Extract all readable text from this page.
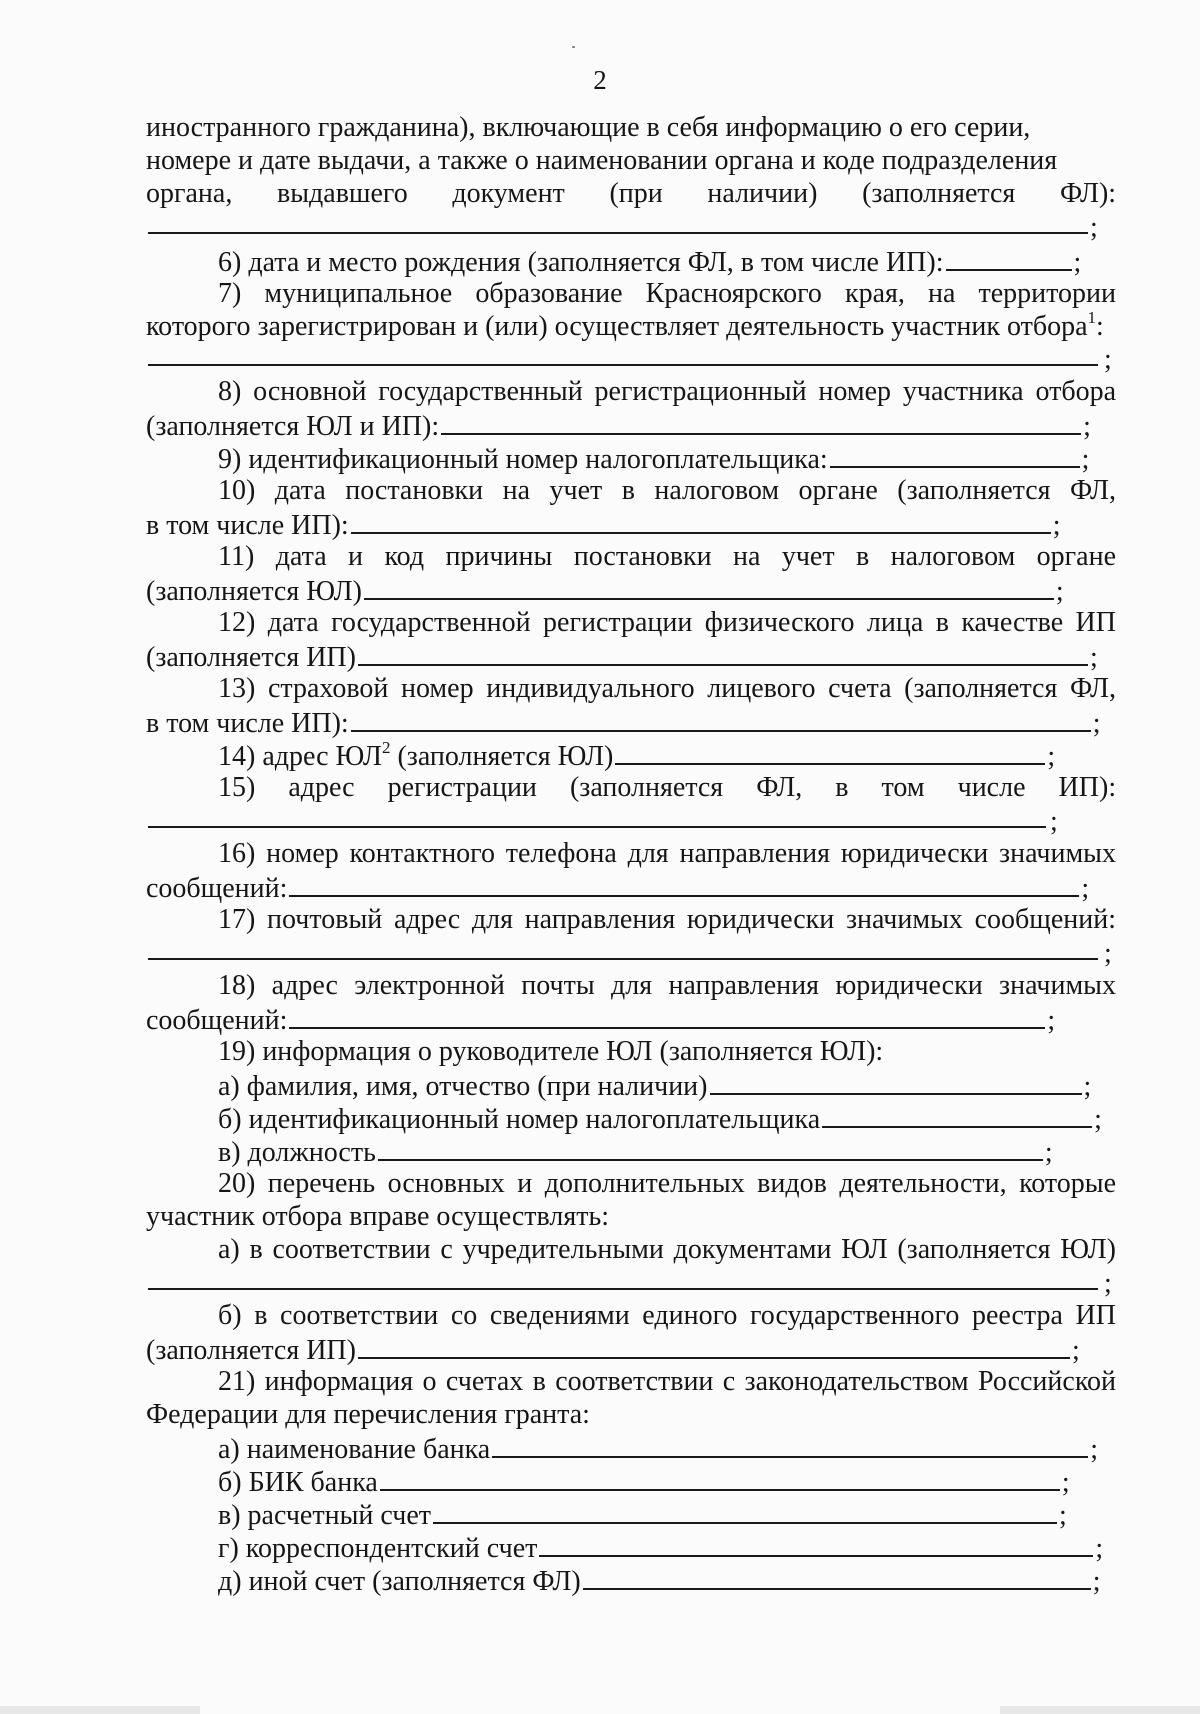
2
иностранного гражданина), включающие в себя информацию о его серии,
номере и дате выдачи, а также о наименовании органа и коде подразделения
органа, выдавшего документ (при наличии) (заполняется ФЛ):
;
6) дата и место рождения (заполняется ФЛ, в том числе ИП):	;
7) муниципальное образование Красноярского края, на территории
которого зарегистрирован и (или) осуществляет деятельность участник отбора$^1$:
;
8) основной государственный регистрационный номер участника отбора
(заполняется ЮЛ и ИП):	;
9) идентификационный номер налогоплательщика:	;
10) дата постановки на учет в налоговом органе (заполняется ФЛ,
в том числе ИП):	;
11) дата и код причины постановки на учет в налоговом органе
(заполняется ЮЛ)	;
12) дата государственной регистрации физического лица в качестве ИП
(заполняется ИП)	;
13) страховой номер индивидуального лицевого счета (заполняется ФЛ,
в том числе ИП):	;
14) адрес $ЮЛ^2$ (заполняется ЮЛ)	;
15) адрес регистрации (заполняется ФЛ, в том числе ИП):
;
16) номер контактного телефона для направления юридически значимых
сообщений:	;
17) почтовый адрес для направления юридически значимых сообщений:
;
18) адрес электронной почты для направления юридически значимых
сообщений:	;
19) информация о руководителе ЮЛ (заполняется ЮЛ):
а) фамилия, имя, отчество (при наличии)	;
б) идентификационный номер налогоплательщика	;
в) должность	;
20) перечень основных и дополнительных видов деятельности, которые
участник отбора вправе осуществлять:
а) в соответствии с учредительными документами ЮЛ (заполняется ЮЛ)
;
б) в соответствии со сведениями единого государственного реестра ИП
(заполняется ИП)	;
21) информация о счетах в соответствии с законодательством Российской
Федерации для перечисления гранта:
а) наименование банка	;
б) БИК банка	;
в) расчетный счет	;
г) корреспондентский счет	;
д) иной счет (заполняется ФЛ)	;
